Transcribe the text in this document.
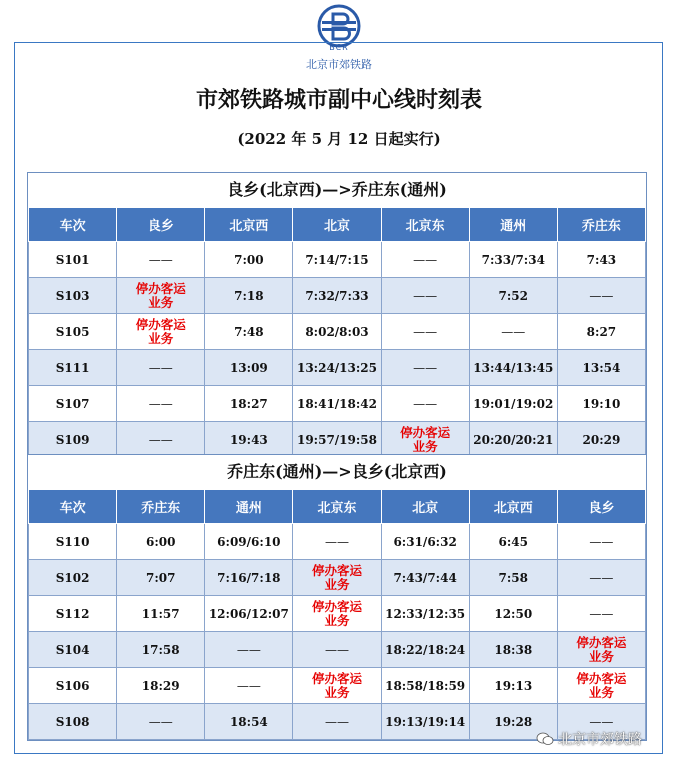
BCR
北京市郊铁路
市郊铁路城市副中心线时刻表
(2022 年 5 月 12 日起实行)
良乡(北京西)—>乔庄东(通州)
车次	良乡	北京西	北京	北京东	通州	乔庄东
S101	——	7:00	7:14/7:15	——	7:33/7:34	7:43
S103	停办客运
业务	7:18	7:32/7:33	——	7:52	——
S105	停办客运
业务	7:48	8:02/8:03	——	——	8:27
S111	——	13:09	13:24/13:25	——	13:44/13:45	13:54
S107	——	18:27	18:41/18:42	——	19:01/19:02	19:10
S109	——	19:43	19:57/19:58	停办客运
业务	20:20/20:21	20:29
乔庄东(通州)—>良乡(北京西)
车次	乔庄东	通州	北京东	北京	北京西	良乡
S110	6:00	6:09/6:10	——	6:31/6:32	6:45	——
S102	7:07	7:16/7:18	停办客运
业务	7:43/7:44	7:58	——
S112	11:57	12:06/12:07	停办客运
业务	12:33/12:35	12:50	——
S104	17:58	——	——	18:22/18:24	18:38	停办客运
业务
S106	18:29	——	停办客运
业务	18:58/18:59	19:13	停办客运
业务
S108	——	18:54	——	19:13/19:14	19:28	——
北京市郊铁路
